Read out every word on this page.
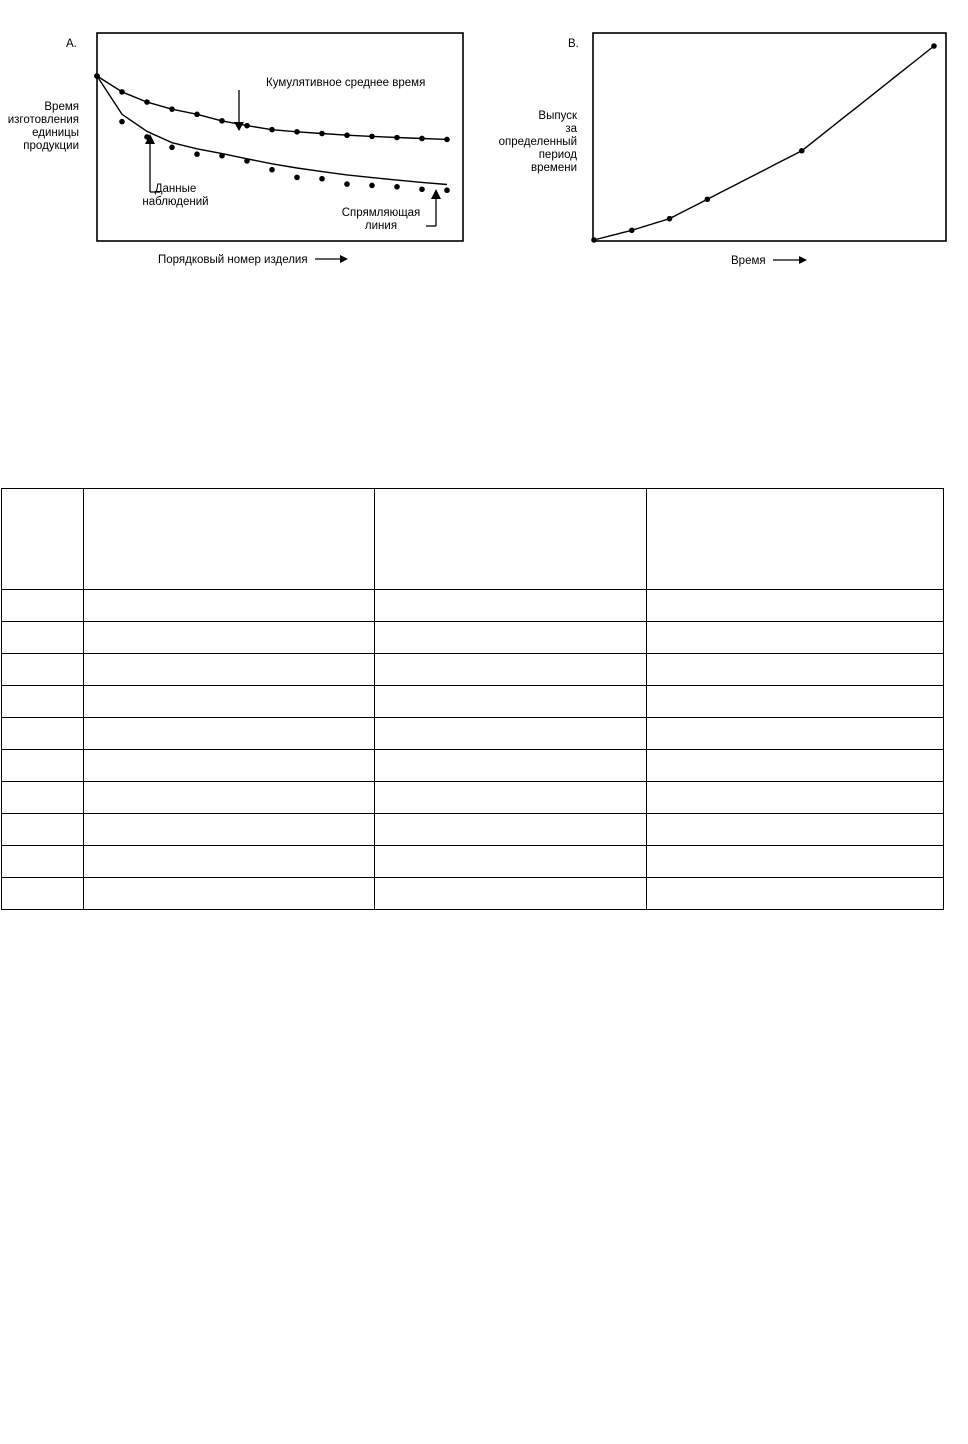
A.
Кумулятивное среднее время
Порядковый номер изделия
B.
Время
Время
изготовления
единицы
продукции
Выпуск
за
определенный
период
времени
Данные
наблюдений
Спрямляющая
линия
